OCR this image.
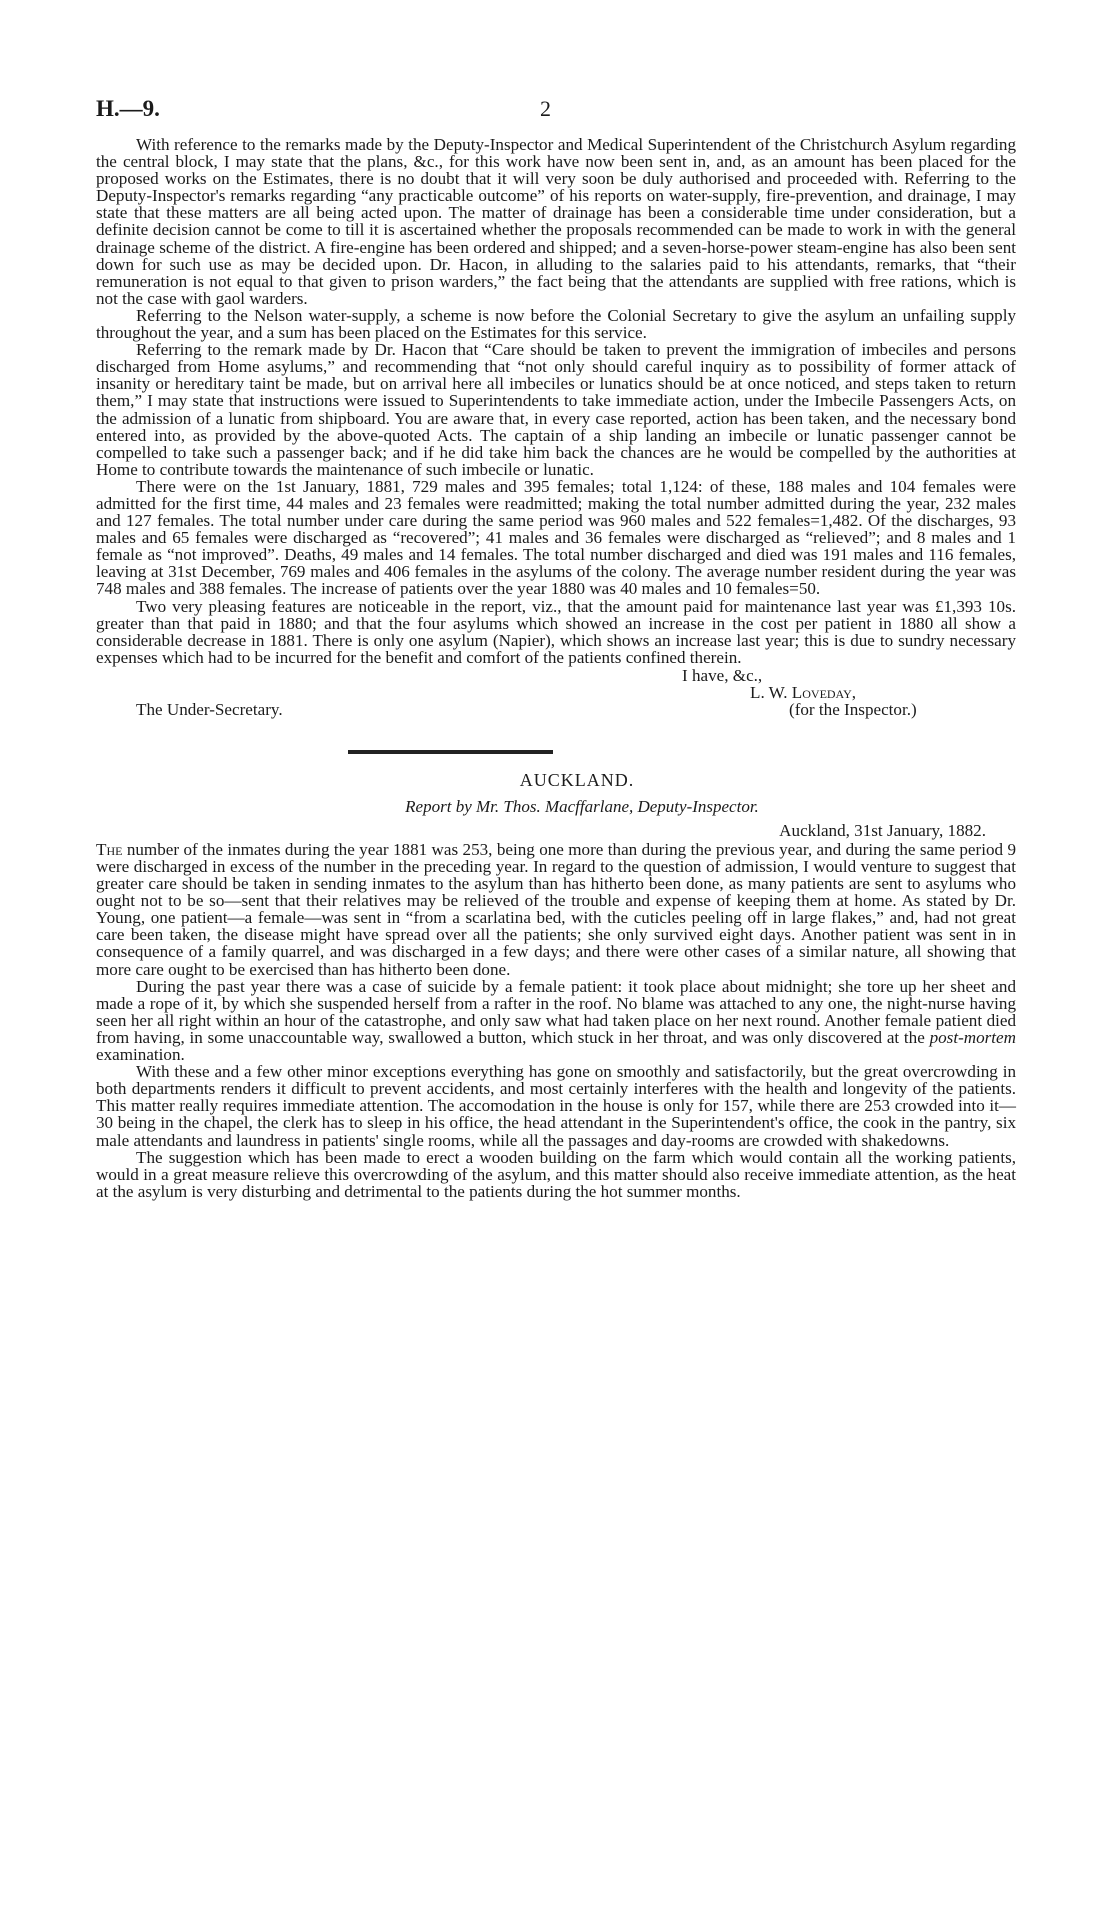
H.—9.	2

With reference to the remarks made by the Deputy-Inspector and Medical Superintendent of the Christchurch Asylum regarding the central block, I may state that the plans, &c., for this work have now been sent in, and, as an amount has been placed for the proposed works on the Estimates, there is no doubt that it will very soon be duly authorised and proceeded with. Referring to the Deputy-Inspector's remarks regarding “any practicable outcome” of his reports on water-supply, fire-prevention, and drainage, I may state that these matters are all being acted upon. The matter of drainage has been a considerable time under consideration, but a definite decision cannot be come to till it is ascertained whether the proposals recommended can be made to work in with the general drainage scheme of the district. A fire-engine has been ordered and shipped; and a seven-horse-power steam-engine has also been sent down for such use as may be decided upon. Dr. Hacon, in alluding to the salaries paid to his attendants, remarks, that “their remuneration is not equal to that given to prison warders,” the fact being that the attendants are supplied with free rations, which is not the case with gaol warders.

Referring to the Nelson water-supply, a scheme is now before the Colonial Secretary to give the asylum an unfailing supply throughout the year, and a sum has been placed on the Estimates for this service.

Referring to the remark made by Dr. Hacon that “Care should be taken to prevent the immigration of imbeciles and persons discharged from Home asylums,” and recommending that “not only should careful inquiry as to possibility of former attack of insanity or hereditary taint be made, but on arrival here all imbeciles or lunatics should be at once noticed, and steps taken to return them,” I may state that instructions were issued to Superintendents to take immediate action, under the Imbecile Passengers Acts, on the admission of a lunatic from shipboard. You are aware that, in every case reported, action has been taken, and the necessary bond entered into, as provided by the above-quoted Acts. The captain of a ship landing an imbecile or lunatic passenger cannot be compelled to take such a passenger back; and if he did take him back the chances are he would be compelled by the authorities at Home to contribute towards the maintenance of such imbecile or lunatic.

There were on the 1st January, 1881, 729 males and 395 females; total 1,124: of these, 188 males and 104 females were admitted for the first time, 44 males and 23 females were readmitted; making the total number admitted during the year, 232 males and 127 females. The total number under care during the same period was 960 males and 522 females=1,482. Of the discharges, 93 males and 65 females were discharged as “recovered”; 41 males and 36 females were discharged as “relieved”; and 8 males and 1 female as “not improved”. Deaths, 49 males and 14 females. The total number discharged and died was 191 males and 116 females, leaving at 31st December, 769 males and 406 females in the asylums of the colony. The average number resident during the year was 748 males and 388 females. The increase of patients over the year 1880 was 40 males and 10 females=50.

Two very pleasing features are noticeable in the report, viz., that the amount paid for maintenance last year was £1,393 10s. greater than that paid in 1880; and that the four asylums which showed an increase in the cost per patient in 1880 all show a considerable decrease in 1881. There is only one asylum (Napier), which shows an increase last year; this is due to sundry necessary expenses which had to be incurred for the benefit and comfort of the patients confined therein.

I have, &c.,
L. W. Loveday,
The Under-Secretary.	(for the Inspector.)
AUCKLAND.
Report by Mr. Thos. Macffarlane, Deputy-Inspector.
Auckland, 31st January, 1882.

The number of the inmates during the year 1881 was 253, being one more than during the previous year, and during the same period 9 were discharged in excess of the number in the preceding year. In regard to the question of admission, I would venture to suggest that greater care should be taken in sending inmates to the asylum than has hitherto been done, as many patients are sent to asylums who ought not to be so—sent that their relatives may be relieved of the trouble and expense of keeping them at home. As stated by Dr. Young, one patient—a female—was sent in “from a scarlatina bed, with the cuticles peeling off in large flakes,” and, had not great care been taken, the disease might have spread over all the patients; she only survived eight days. Another patient was sent in in consequence of a family quarrel, and was discharged in a few days; and there were other cases of a similar nature, all showing that more care ought to be exercised than has hitherto been done.

During the past year there was a case of suicide by a female patient: it took place about midnight; she tore up her sheet and made a rope of it, by which she suspended herself from a rafter in the roof. No blame was attached to any one, the night-nurse having seen her all right within an hour of the catastrophe, and only saw what had taken place on her next round. Another female patient died from having, in some unaccountable way, swallowed a button, which stuck in her throat, and was only discovered at the post-mortem examination.

With these and a few other minor exceptions everything has gone on smoothly and satisfactorily, but the great overcrowding in both departments renders it difficult to prevent accidents, and most certainly interferes with the health and longevity of the patients. This matter really requires immediate attention. The accomodation in the house is only for 157, while there are 253 crowded into it—30 being in the chapel, the clerk has to sleep in his office, the head attendant in the Superintendent's office, the cook in the pantry, six male attendants and laundress in patients' single rooms, while all the passages and day-rooms are crowded with shakedowns.

The suggestion which has been made to erect a wooden building on the farm which would contain all the working patients, would in a great measure relieve this overcrowding of the asylum, and this matter should also receive immediate attention, as the heat at the asylum is very disturbing and detrimental to the patients during the hot summer months.
